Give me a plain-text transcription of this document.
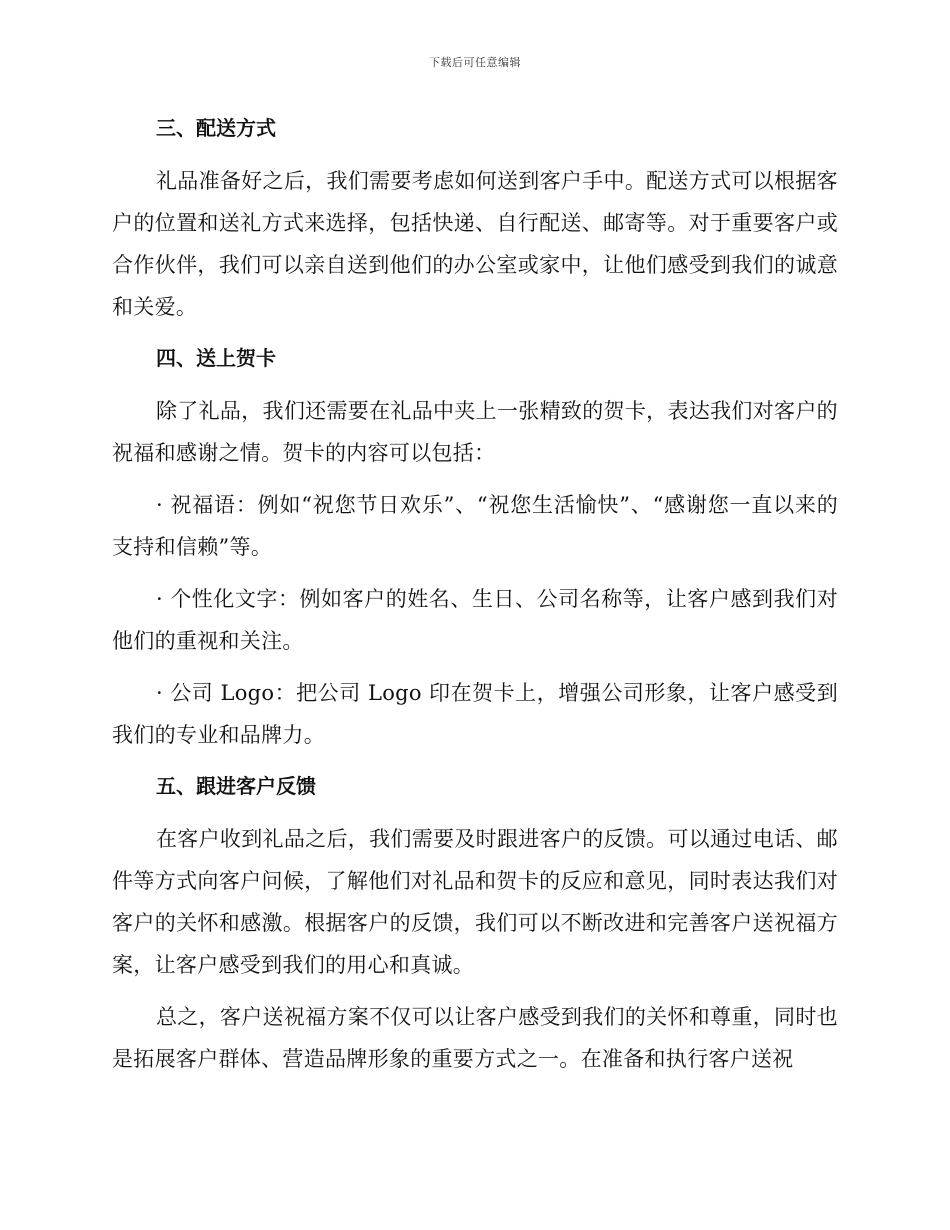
下载后可任意编辑
三、配送方式

礼品准备好之后，我们需要考虑如何送到客户手中。配送方式可以根据客户的位置和送礼方式来选择，包括快递、自行配送、邮寄等。对于重要客户或合作伙伴，我们可以亲自送到他们的办公室或家中，让他们感受到我们的诚意和关爱。

四、送上贺卡

除了礼品，我们还需要在礼品中夹上一张精致的贺卡，表达我们对客户的祝福和感谢之情。贺卡的内容可以包括：

· 祝福语：例如“祝您节日欢乐”、“祝您生活愉快”、“感谢您一直以来的支持和信赖”等。

· 个性化文字：例如客户的姓名、生日、公司名称等，让客户感到我们对他们的重视和关注。

· 公司 Logo：把公司 Logo 印在贺卡上，增强公司形象，让客户感受到我们的专业和品牌力。

五、跟进客户反馈

在客户收到礼品之后，我们需要及时跟进客户的反馈。可以通过电话、邮件等方式向客户问候，了解他们对礼品和贺卡的反应和意见，同时表达我们对客户的关怀和感激。根据客户的反馈，我们可以不断改进和完善客户送祝福方案，让客户感受到我们的用心和真诚。

总之，客户送祝福方案不仅可以让客户感受到我们的关怀和尊重，同时也是拓展客户群体、营造品牌形象的重要方式之一。在准备和执行客户送祝
